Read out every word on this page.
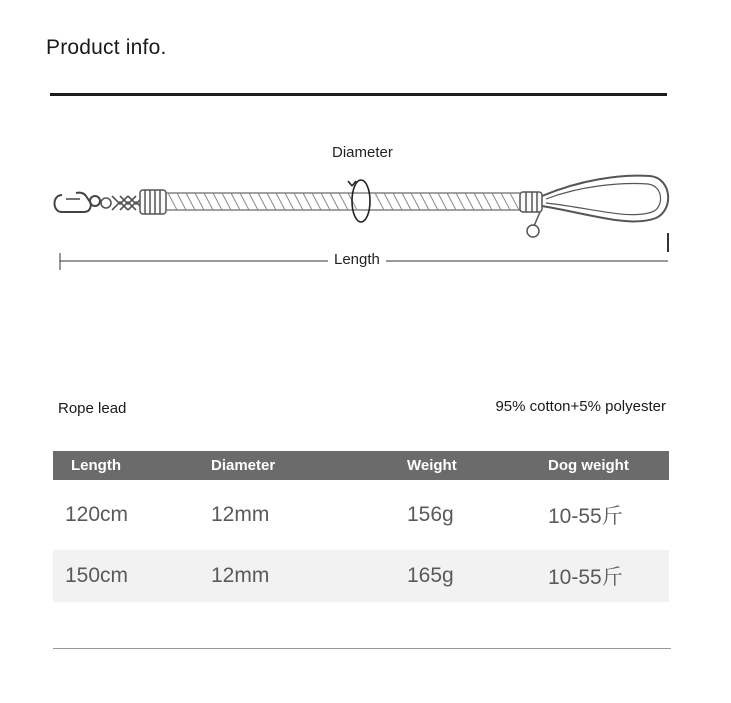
Product info.
Diameter
Length
Rope lead	95% cotton+5% polyester
Length	Diameter	Weight	Dog weight
120cm	12mm	156g	10-55斤
150cm	12mm	165g	10-55斤
